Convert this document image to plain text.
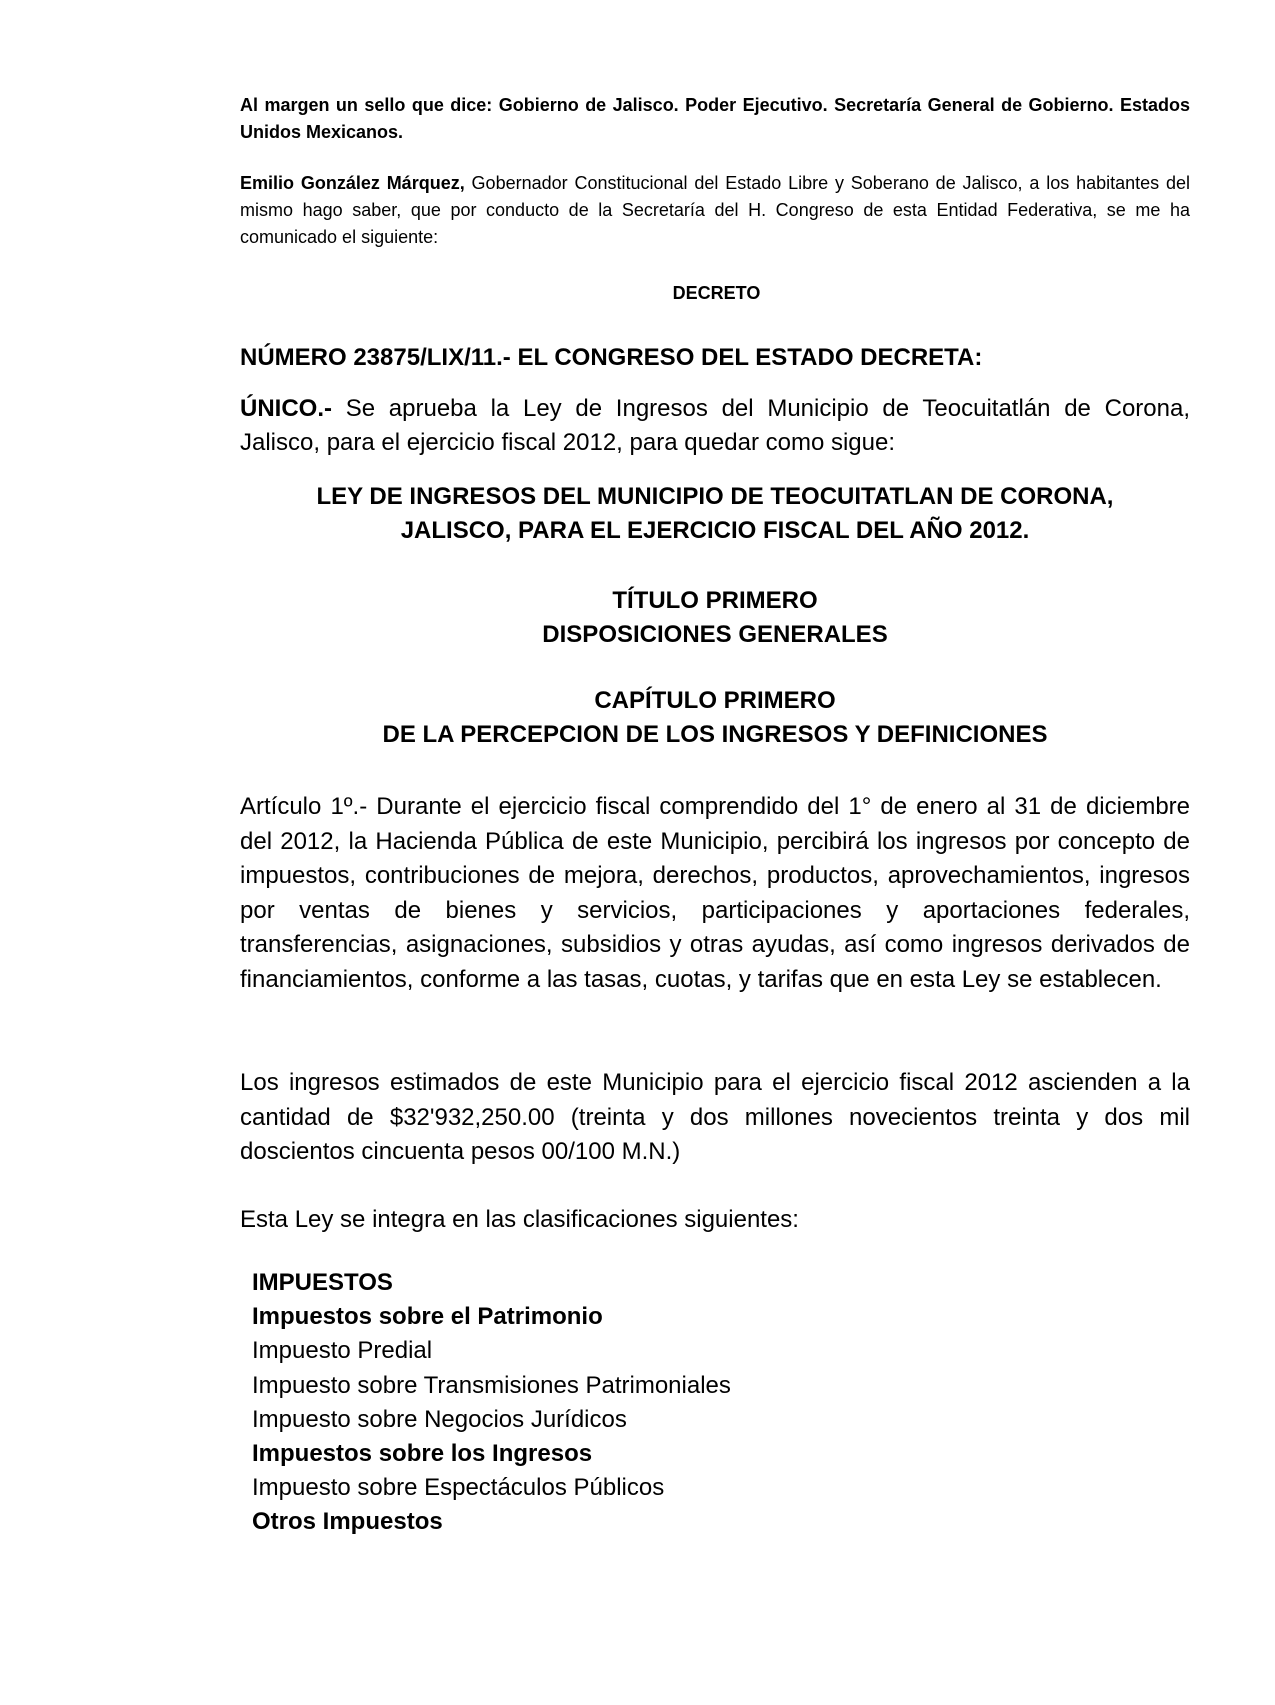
Al margen un sello que dice: Gobierno de Jalisco. Poder Ejecutivo. Secretaría General de Gobierno. Estados Unidos Mexicanos.

Emilio González Márquez, Gobernador Constitucional del Estado Libre y Soberano de Jalisco, a los habitantes del mismo hago saber, que por conducto de la Secretaría del H. Congreso de esta Entidad Federativa, se me ha comunicado el siguiente:

DECRETO

NÚMERO 23875/LIX/11.- EL CONGRESO DEL ESTADO DECRETA:

ÚNICO.- Se aprueba la Ley de Ingresos del Municipio de Teocuitatlán de Corona, Jalisco, para el ejercicio fiscal 2012, para quedar como sigue:

LEY DE INGRESOS DEL MUNICIPIO DE TEOCUITATLAN DE CORONA,
JALISCO, PARA EL EJERCICIO FISCAL DEL AÑO 2012.
TÍTULO PRIMERO
DISPOSICIONES GENERALES
CAPÍTULO PRIMERO
DE LA PERCEPCION DE LOS INGRESOS Y DEFINICIONES

Artículo 1º.- Durante el ejercicio fiscal comprendido del 1° de enero al 31 de diciembre del 2012, la Hacienda Pública de este Municipio, percibirá los ingresos por concepto de impuestos, contribuciones de mejora, derechos, productos, aprovechamientos, ingresos por ventas de bienes y servicios, participaciones y aportaciones federales, transferencias, asignaciones, subsidios y otras ayudas, así como ingresos derivados de financiamientos, conforme a las tasas, cuotas, y tarifas que en esta Ley se establecen.

Los ingresos estimados de este Municipio para el ejercicio fiscal 2012 ascienden a la cantidad de $32'932,250.00 (treinta y dos millones novecientos treinta y dos mil doscientos cincuenta pesos 00/100 M.N.)

Esta Ley se integra en las clasificaciones siguientes:

IMPUESTOS
Impuestos sobre el Patrimonio
Impuesto Predial
Impuesto sobre Transmisiones Patrimoniales
Impuesto sobre Negocios Jurídicos
Impuestos sobre los Ingresos
Impuesto sobre Espectáculos Públicos
Otros Impuestos
